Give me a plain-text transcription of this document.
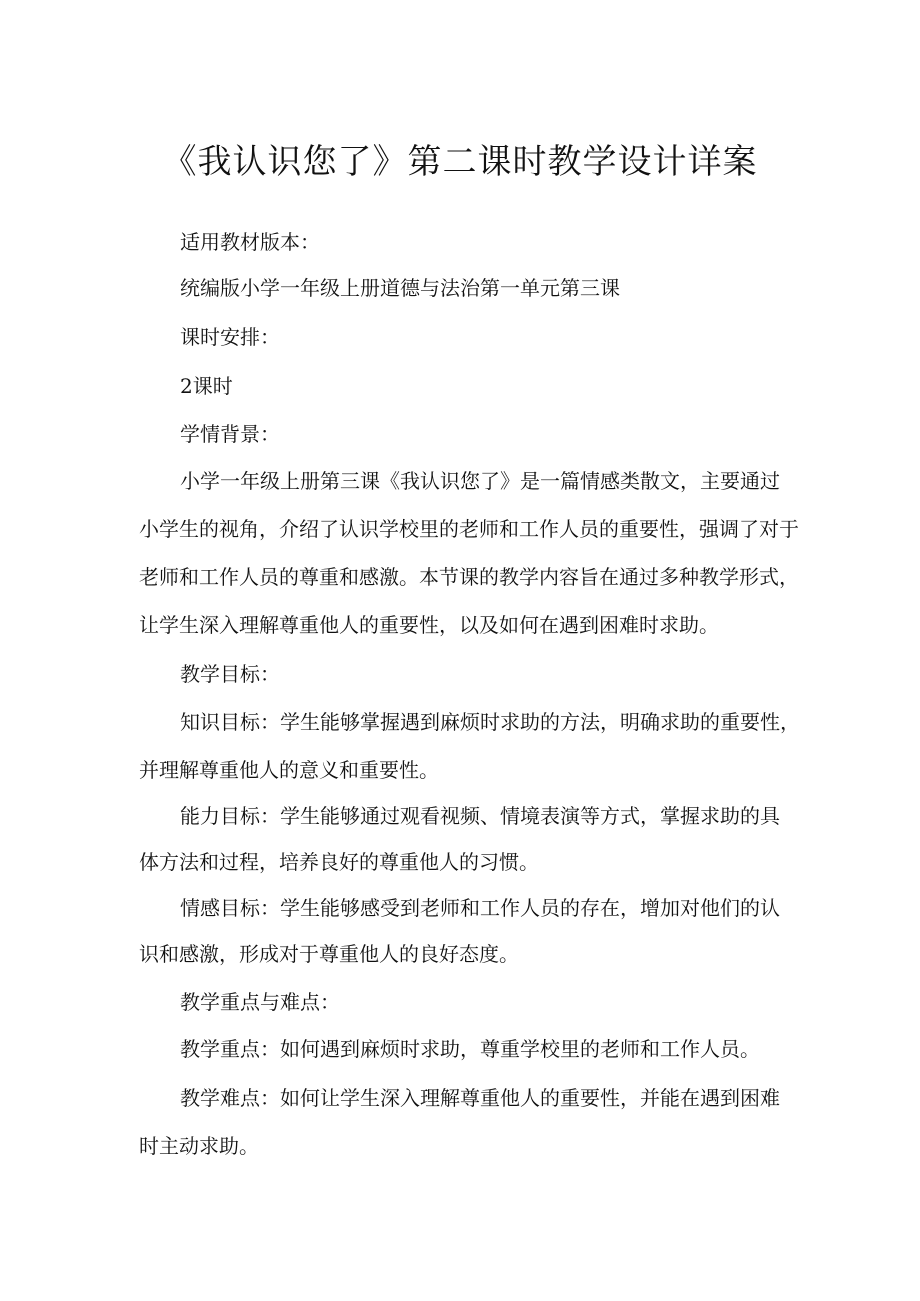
《我认识您了》第二课时教学设计详案

适用教材版本：

统编版小学一年级上册道德与法治第一单元第三课

课时安排：

2课时

学情背景：

小学一年级上册第三课《我认识您了》是一篇情感类散文，主要通过

小学生的视角，介绍了认识学校里的老师和工作人员的重要性，强调了对于

老师和工作人员的尊重和感激。本节课的教学内容旨在通过多种教学形式，

让学生深入理解尊重他人的重要性，以及如何在遇到困难时求助。

教学目标：

知识目标：学生能够掌握遇到麻烦时求助的方法，明确求助的重要性，

并理解尊重他人的意义和重要性。

能力目标：学生能够通过观看视频、情境表演等方式，掌握求助的具

体方法和过程，培养良好的尊重他人的习惯。

情感目标：学生能够感受到老师和工作人员的存在，增加对他们的认

识和感激，形成对于尊重他人的良好态度。

教学重点与难点：

教学重点：如何遇到麻烦时求助，尊重学校里的老师和工作人员。

教学难点：如何让学生深入理解尊重他人的重要性，并能在遇到困难

时主动求助。
